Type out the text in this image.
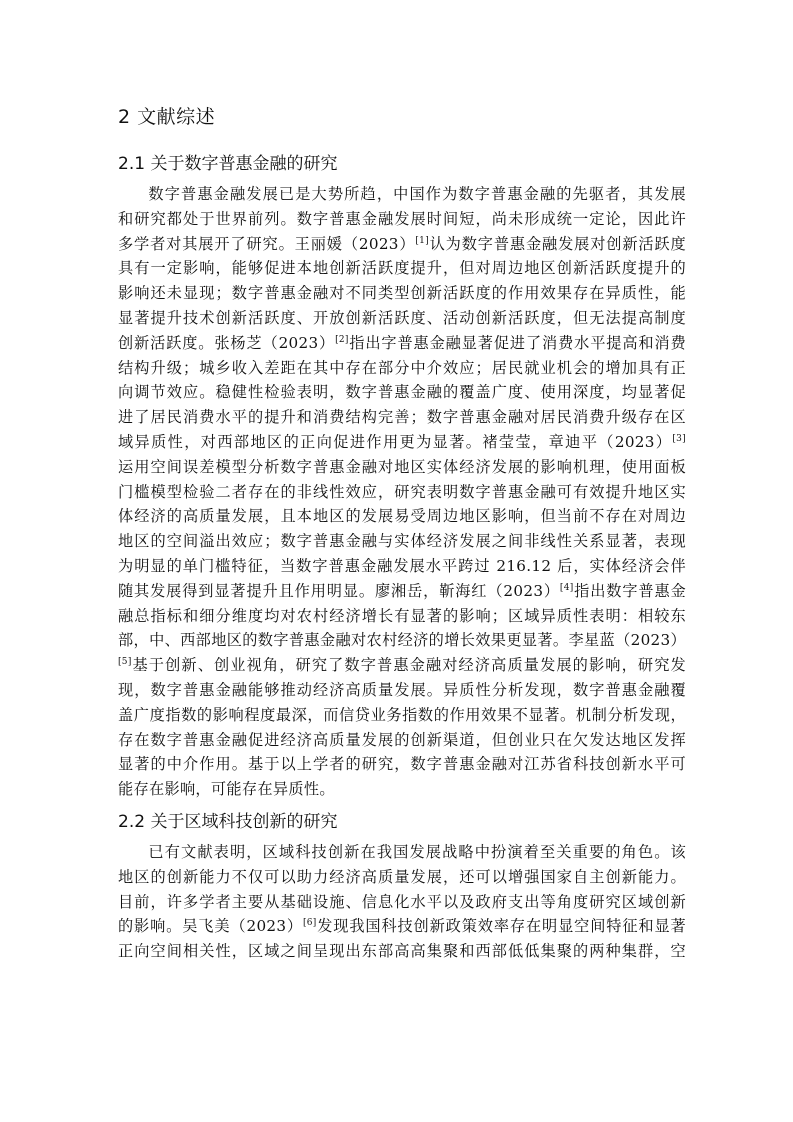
2 文献综述
2.1 关于数字普惠金融的研究
数字普惠金融发展已是大势所趋，中国作为数字普惠金融的先驱者，其发展
和研究都处于世界前列。数字普惠金融发展时间短，尚未形成统一定论，因此许
多学者对其展开了研究。王丽媛（2023）[1]认为数字普惠金融发展对创新活跃度
具有一定影响，能够促进本地创新活跃度提升，但对周边地区创新活跃度提升的
影响还未显现；数字普惠金融对不同类型创新活跃度的作用效果存在异质性，能
显著提升技术创新活跃度、开放创新活跃度、活动创新活跃度，但无法提高制度
创新活跃度。张杨芝（2023）[2]指出字普惠金融显著促进了消费水平提高和消费
结构升级；城乡收入差距在其中存在部分中介效应；居民就业机会的增加具有正
向调节效应。稳健性检验表明，数字普惠金融的覆盖广度、使用深度，均显著促
进了居民消费水平的提升和消费结构完善；数字普惠金融对居民消费升级存在区
域异质性，对西部地区的正向促进作用更为显著。褚莹莹，章迪平（2023）[3]
运用空间误差模型分析数字普惠金融对地区实体经济发展的影响机理，使用面板
门槛模型检验二者存在的非线性效应，研究表明数字普惠金融可有效提升地区实
体经济的高质量发展，且本地区的发展易受周边地区影响，但当前不存在对周边
地区的空间溢出效应；数字普惠金融与实体经济发展之间非线性关系显著，表现
为明显的单门槛特征，当数字普惠金融发展水平跨过 216.12 后，实体经济会伴
随其发展得到显著提升且作用明显。廖湘岳，靳海红（2023）[4]指出数字普惠金
融总指标和细分维度均对农村经济增长有显著的影响；区域异质性表明：相较东
部，中、西部地区的数字普惠金融对农村经济的增长效果更显著。李星蓝（2023）
[5]基于创新、创业视角，研究了数字普惠金融对经济高质量发展的影响，研究发
现，数字普惠金融能够推动经济高质量发展。异质性分析发现，数字普惠金融覆
盖广度指数的影响程度最深，而信贷业务指数的作用效果不显著。机制分析发现，
存在数字普惠金融促进经济高质量发展的创新渠道，但创业只在欠发达地区发挥
显著的中介作用。基于以上学者的研究，数字普惠金融对江苏省科技创新水平可
能存在影响，可能存在异质性。
2.2 关于区域科技创新的研究
已有文献表明，区域科技创新在我国发展战略中扮演着至关重要的角色。该
地区的创新能力不仅可以助力经济高质量发展，还可以增强国家自主创新能力。
目前，许多学者主要从基础设施、信息化水平以及政府支出等角度研究区域创新
的影响。吴飞美（2023）[6]发现我国科技创新政策效率存在明显空间特征和显著
正向空间相关性，区域之间呈现出东部高高集聚和西部低低集聚的两种集群，空
